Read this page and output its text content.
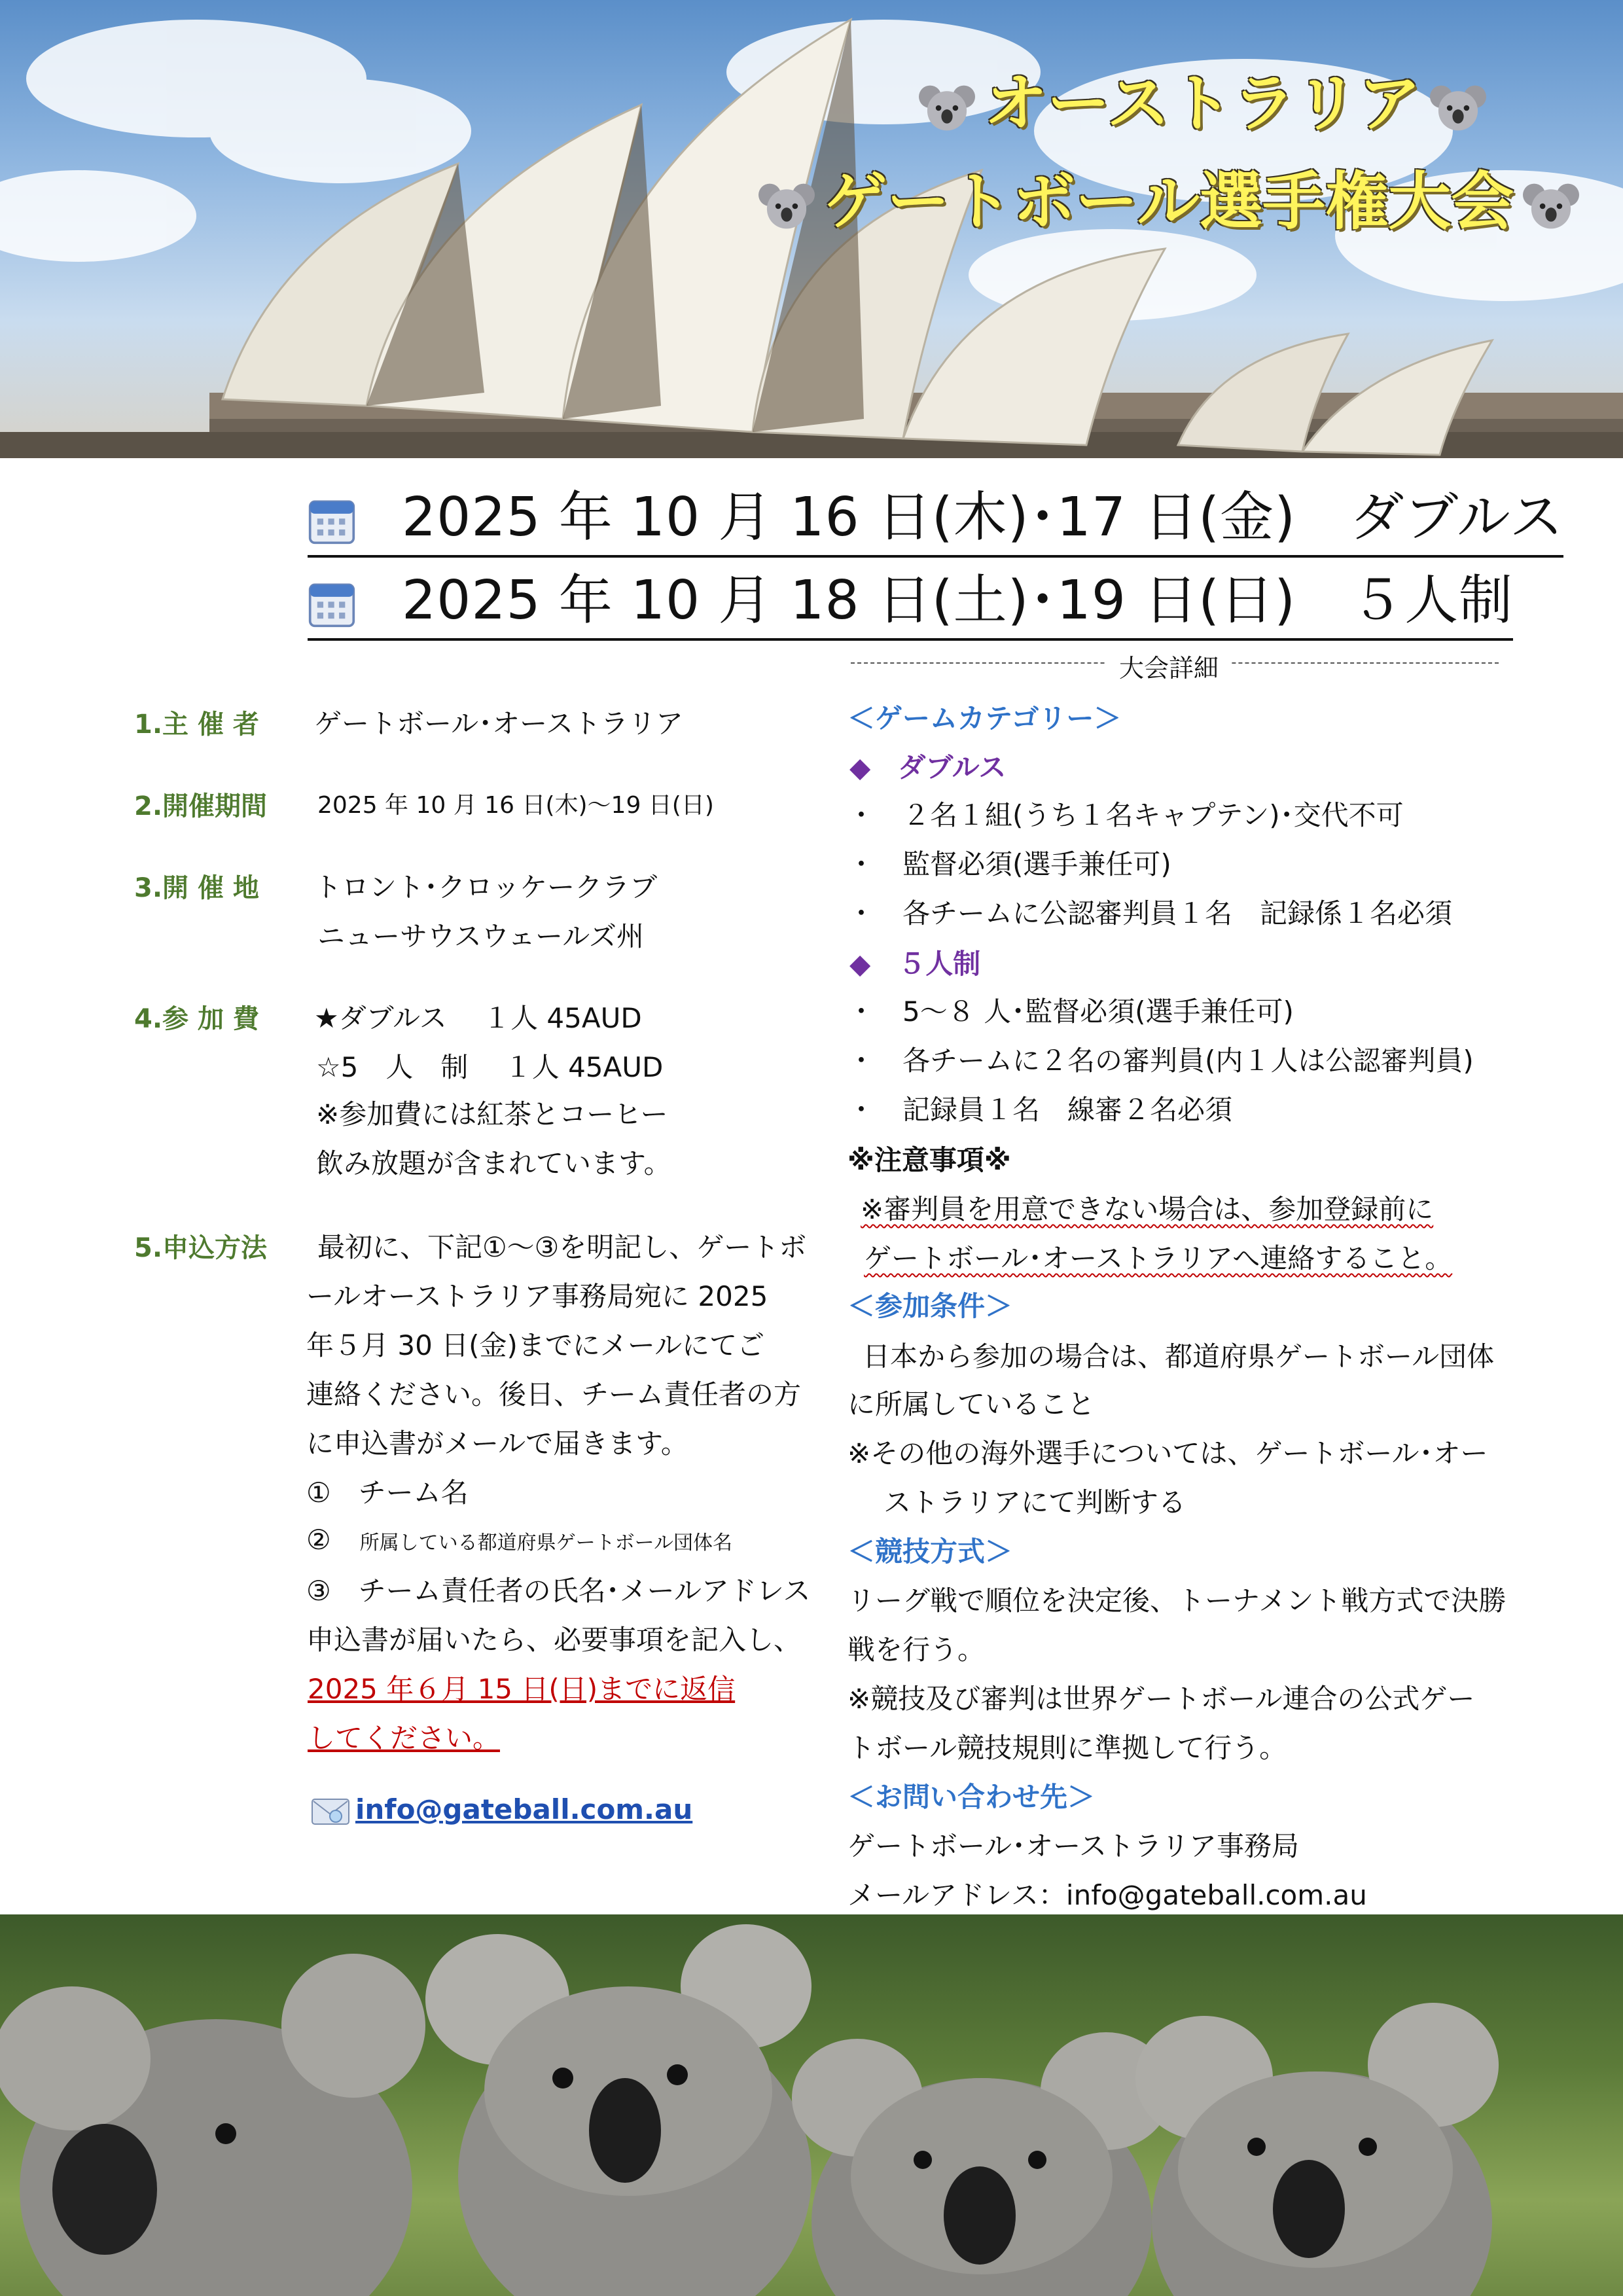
オーストラリア
ゲートボール選手権大会
2025 年 10 月 16 日(木)･17 日(金)　ダブルス
2025 年 10 月 18 日(土)･19 日(日)　５人制
1.主 催 者 ゲートボール･オーストラリア
2.開催期間 2025 年 10 月 16 日(木)～19 日(日)
3.開 催 地 トロント･クロッケークラブ
ニューサウスウェールズ州
4.参 加 費 ★ダブルス　 １人 45AUD
☆5　人　制　 １人 45AUD
※参加費には紅茶とコーヒー
飲み放題が含まれています。
5.申込方法 最初に、下記①～③を明記し、ゲートボ
ールオーストラリア事務局宛に 2025
年５月 30 日(金)までにメールにてご
連絡ください。後日、チーム責任者の方
に申込書がメールで届きます。
①　チーム名
② 所属している都道府県ゲートボール団体名
③　チーム責任者の氏名･メールアドレス
申込書が届いたら、必要事項を記入し、
2025 年６月 15 日(日)までに返信
してください。
info@gateball.com.au
大会詳細
＜ゲームカテゴリー＞
◆　ダブルス
・　２名１組(うち１名キャプテン)･交代不可
・　監督必須(選手兼任可)
・　各チームに公認審判員１名　記録係１名必須
◆　５人制
・　5～８ 人･監督必須(選手兼任可)
・　各チームに２名の審判員(内１人は公認審判員)
・　記録員１名　線審２名必須
※注意事項※
※審判員を用意できない場合は、参加登録前に
ゲートボール･オーストラリアへ連絡すること。
＜参加条件＞
日本から参加の場合は、都道府県ゲートボール団体
に所属していること
※その他の海外選手については、ゲートボール･オー
ストラリアにて判断する
＜競技方式＞
リーグ戦で順位を決定後、トーナメント戦方式で決勝
戦を行う。
※競技及び審判は世界ゲートボール連合の公式ゲー
トボール競技規則に準拠して行う。
＜お問い合わせ先＞
ゲートボール･オーストラリア事務局
メールアドレス：info@gateball.com.au
